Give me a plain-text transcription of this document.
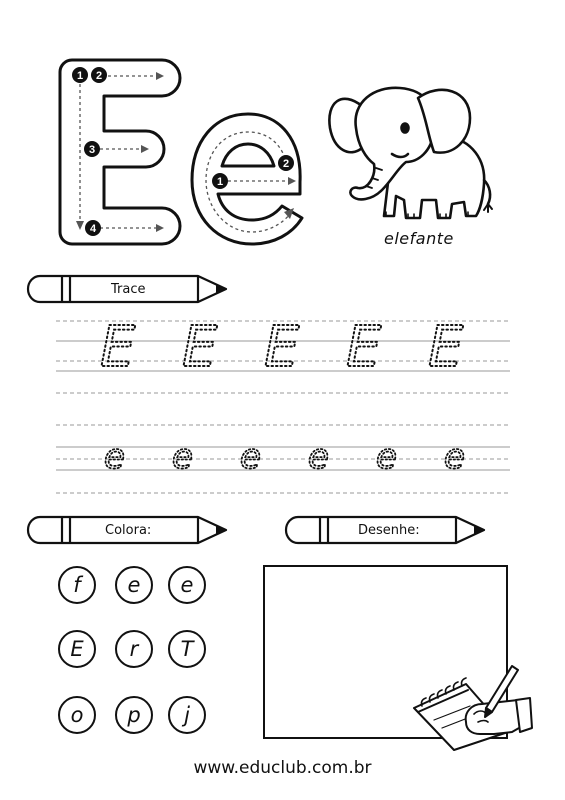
1 2
3
4
1
2
elefante
Trace
E E E E E
e e e e e e
Colora:	Desenhe:
f e e
E r T
o p j
www.educlub.com.br
